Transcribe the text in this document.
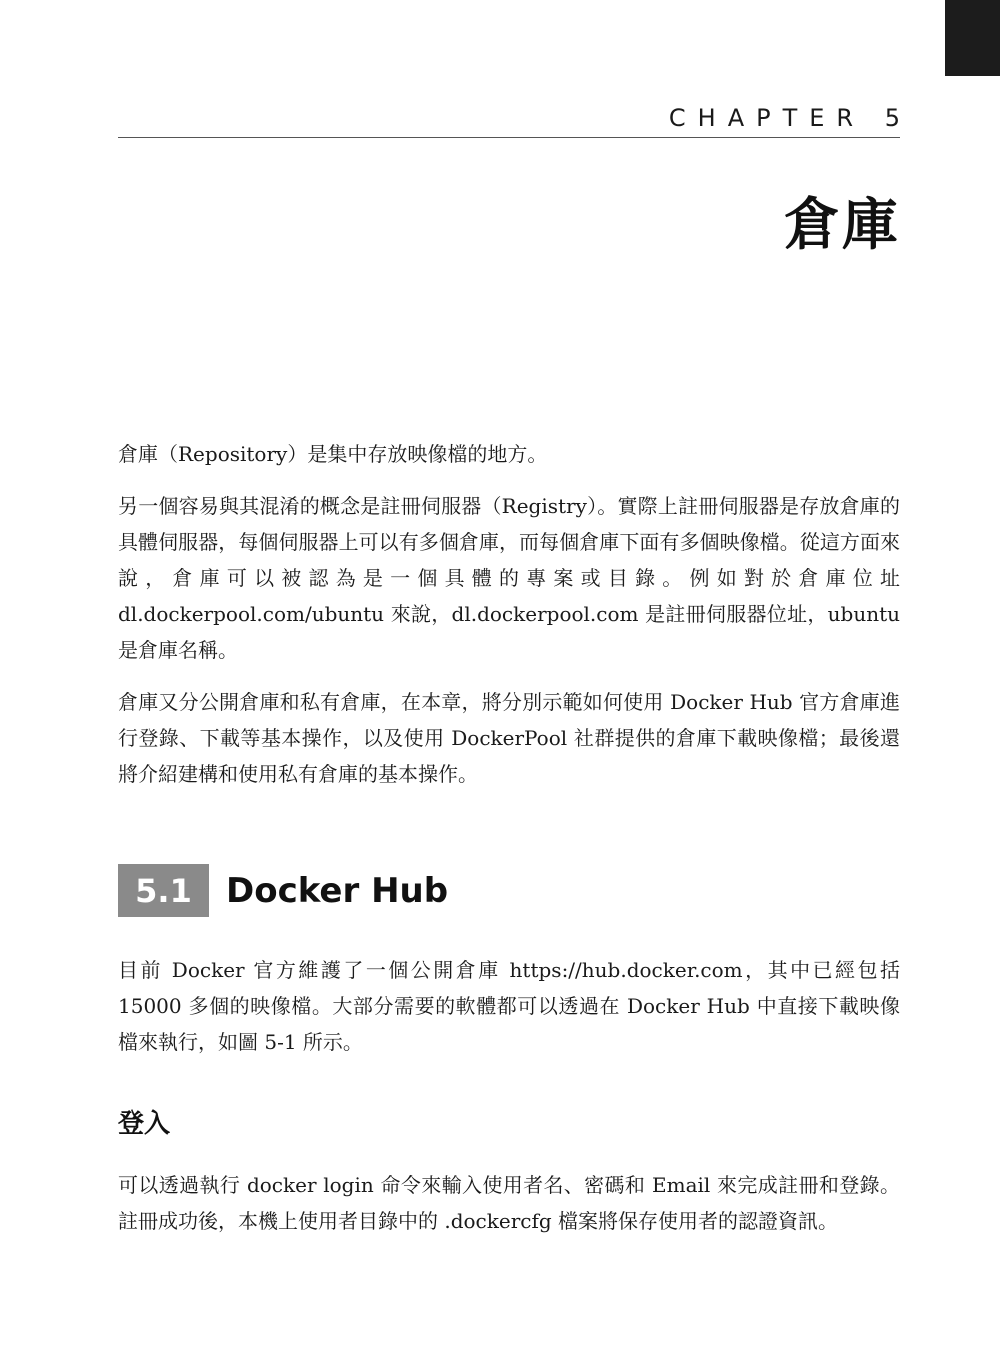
CHAPTER 5
倉庫

倉庫（Repository）是集中存放映像檔的地方。

另一個容易與其混淆的概念是註冊伺服器（Registry）。實際上註冊伺服器是存放倉庫的具體伺服器，每個伺服器上可以有多個倉庫，而每個倉庫下面有多個映像檔。從這方面來說，倉庫可以被認為是一個具體的專案或目錄。例如對於倉庫位址 dl.dockerpool.com/ubuntu 來說，dl.dockerpool.com 是註冊伺服器位址，ubuntu 是倉庫名稱。

倉庫又分公開倉庫和私有倉庫，在本章，將分別示範如何使用 Docker Hub 官方倉庫進行登錄、下載等基本操作，以及使用 DockerPool 社群提供的倉庫下載映像檔；最後還將介紹建構和使用私有倉庫的基本操作。

5.1	Docker Hub

目前 Docker 官方維護了一個公開倉庫 https://hub.docker.com，其中已經包括 15000 多個的映像檔。大部分需要的軟體都可以透過在 Docker Hub 中直接下載映像檔來執行，如圖 5-1 所示。

登入

可以透過執行 docker login 命令來輸入使用者名、密碼和 Email 來完成註冊和登錄。註冊成功後，本機上使用者目錄中的 .dockercfg 檔案將保存使用者的認證資訊。
